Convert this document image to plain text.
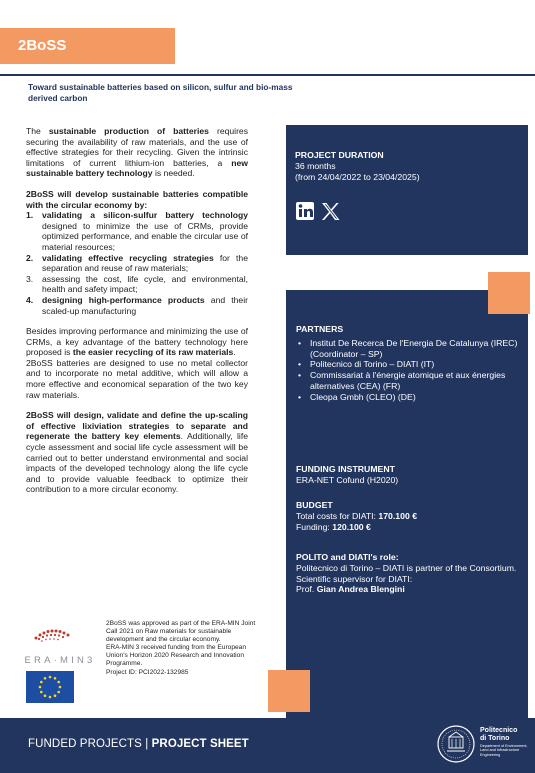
2BoSS
Toward sustainable batteries based on silicon, sulfur and bio-mass derived carbon

The sustainable production of batteries requires securing the availability of raw materials, and the use of effective strategies for their recycling. Given the intrinsic limitations of current lithium-ion batteries, a new sustainable battery technology is needed.

2BoSS will develop sustainable batteries compatible with the circular economy by:

1. validating a silicon-sulfur battery technology designed to minimize the use of CRMs, provide optimized performance, and enable the circular use of material resources;
2. validating effective recycling strategies for the separation and reuse of raw materials;
3. assessing the cost, life cycle, and environmental, health and safety impact;
4. designing high-performance products and their scaled-up manufacturing

Besides improving performance and minimizing the use of CRMs, a key advantage of the battery technology here proposed is the easier recycling of its raw materials.

2BoSS batteries are designed to use no metal collector and to incorporate no metal additive, which will allow a more effective and economical separation of the two key raw materials.

2BoSS will design, validate and define the up-scaling of effective lixiviation strategies to separate and regenerate the battery key elements. Additionally, life cycle assessment and social life cycle assessment will be carried out to better understand environmental and social impacts of the developed technology along the life cycle and to provide valuable feedback to optimize their contribution to a more circular economy.

PROJECT DURATION
36 months
(from 24/04/2022 to 23/04/2025)
PARTNERS
• Institut De Recerca De l'Energia De Catalunya (IREC) (Coordinator – SP)
• Politecnico di Torino – DIATI (IT)
• Commissariat à l'énergie atomique et aux énergies alternatives (CEA) (FR)
• Cleopa Gmbh (CLEO) (DE)
FUNDING INSTRUMENT
ERA-NET Cofund (H2020)
BUDGET
Total costs for DIATI: 170.100 €
Funding: 120.100 €
POLITO and DIATI's role:
Politecnico di Torino – DIATI is partner of the Consortium.
Scientific supervisor for DIATI:
Prof. Gian Andrea Blengini
ERA·MIN3
2BoSS was approved as part of the ERA-MIN Joint Call 2021 on Raw materials for sustainable development and the circular economy.
ERA-MIN 3 received funding from the European Union's Horizon 2020 Research and Innovation Programme.
Project ID: PCI2022-132985
FUNDED PROJECTS | PROJECT SHEET
Politecnico
di Torino
Department of Environment, Land and Infrastructure Engineering
